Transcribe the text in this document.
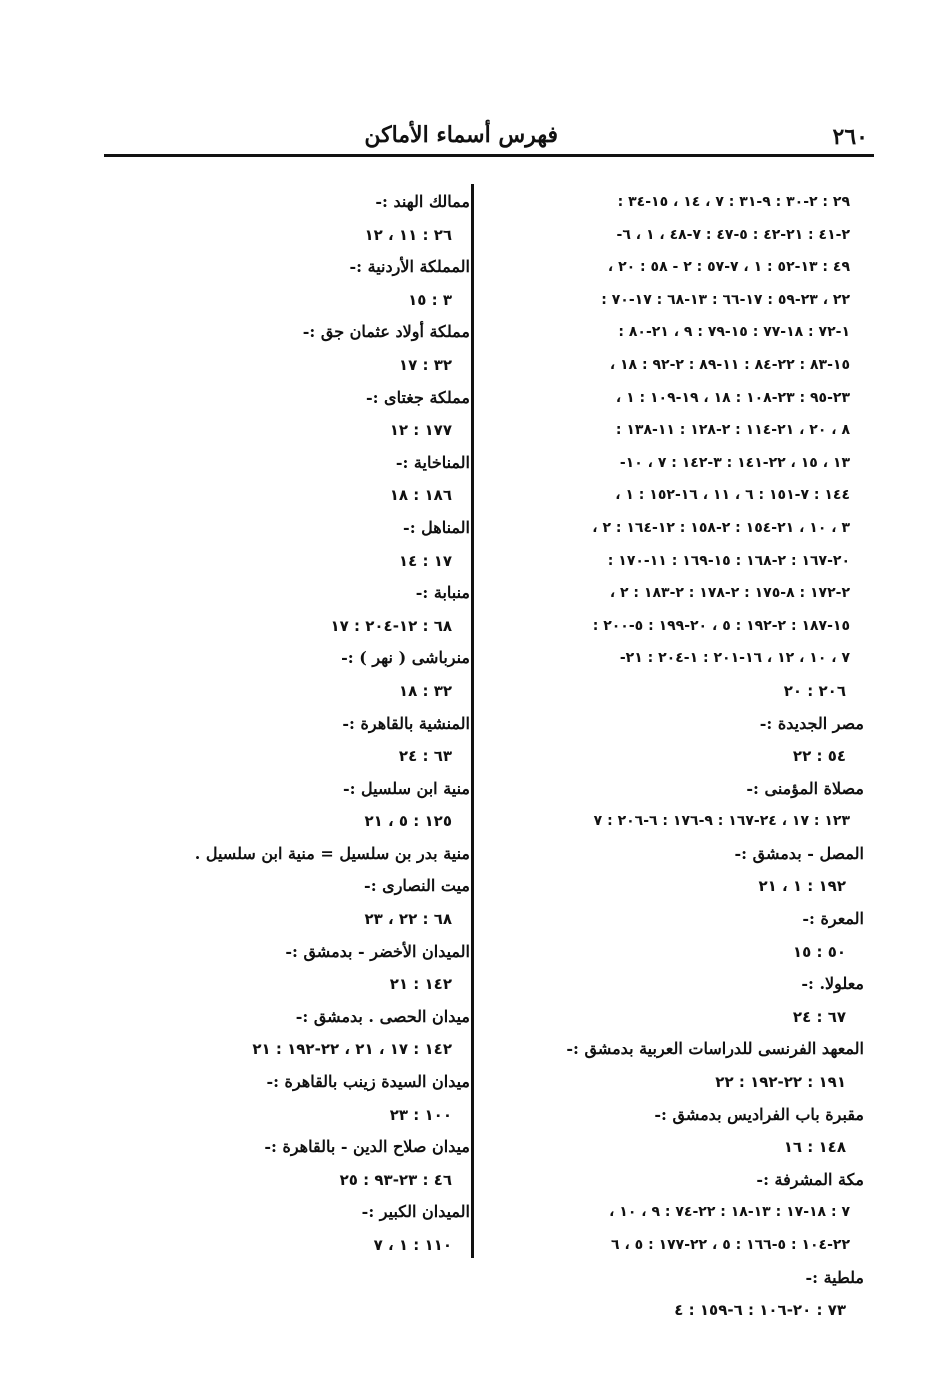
٢٦٠
فهرس أسماء الأماكن
٢٩ : ٢-٣٠ : ٩-٣١ : ٧ ، ١٤ ، ١٥-٣٤ :
٢-٤١ : ٢١-٤٢ : ٥-٤٧ : ٧-٤٨ ، ١ ، ٦-
٤٩ : ١٣-٥٢ : ١ ، ٧-٥٧ : ٢ - ٥٨ : ٢٠ ،
٢٢ ، ٢٣-٥٩ : ١٧-٦٦ : ١٣-٦٨ : ١٧-٧٠ :
١-٧٢ : ١٨-٧٧ : ١٥-٧٩ : ٩ ، ٢١-٨٠ :
١٥-٨٣ : ٢٢-٨٤ : ١١-٨٩ : ٢-٩٢ : ١٨ ،
٢٣-٩٥ : ٢٣-١٠٨ : ١٨ ، ١٩-١٠٩ : ١ ،
٨ ، ٢٠ ، ٢١-١١٤ : ٢-١٢٨ : ١١-١٣٨ :
١٣ ، ١٥ ، ٢٢-١٤١ : ٣-١٤٢ : ٧ ، ١٠-
١٤٤ : ٧-١٥١ : ٦ ، ١١ ، ١٦-١٥٢ : ١ ،
٣ ، ١٠ ، ٢١-١٥٤ : ٢-١٥٨ : ١٢-١٦٤ : ٢ ،
٢٠-١٦٧ : ٢-١٦٨ : ١٥-١٦٩ : ١١-١٧٠ :
٢-١٧٢ : ٨-١٧٥ : ٢-١٧٨ : ٢-١٨٣ : ٢ ،
١٥-١٨٧ : ٢-١٩٢ : ٥ ، ٢٠-١٩٩ : ٥-٢٠٠ :
٧ ، ١٠ ، ١٢ ، ١٦-٢٠١ : ١-٢٠٤ : ٢١-
٢٠٦ : ٢٠
مصر الجديدة :-
٥٤ : ٢٢
مصلاة المؤمنى :-
١٢٣ : ١٧ ، ٢٤-١٦٧ : ٩-١٧٦ : ٦-٢٠٦ : ٧
المصل - بدمشق :-
١٩٢ : ١ ، ٢١
المعرة :-
٥٠ : ١٥
معلولا. :-
٦٧ : ٢٤
المعهد الفرنسى للدراسات العربية بدمشق :-
١٩١ : ٢٢-١٩٢ : ٢٢
مقبرة باب الفراديس بدمشق :-
١٤٨ : ١٦
مكة المشرفة :-
٧ : ١٨-١٧ : ١٣-١٨ : ٢٢-٧٤ : ٩ ، ١٠ ،
٢٢-١٠٤ : ٥-١٦٦ : ٥ ، ٢٢-١٧٧ : ٥ ، ٦
ملطية :-
٧٣ : ٢٠-١٠٦ : ٦-١٥٩ : ٤
ممالك الهند :-
٢٦ : ١١ ، ١٢
المملكة الأردنية :-
٣ : ١٥
مملكة أولاد عثمان جق :-
٣٢ : ١٧
مملكة جغتاى :-
١٧٧ : ١٢
المناخاية :-
١٨٦ : ١٨
المناهل :-
١٧ : ١٤
منبابة :-
٦٨ : ١٢-٢٠٤ : ١٧
منرباشى ( نهر ) :-
٣٢ : ١٨
المنشية بالقاهرة :-
٦٣ : ٢٤
منية ابن سلسيل :-
١٢٥ : ٥ ، ٢١
منية بدر بن سلسيل = منية ابن سلسيل .
ميت النصارى :-
٦٨ : ٢٢ ، ٢٣
الميدان الأخضر - بدمشق :-
١٤٢ : ٢١
ميدان الحصى . بدمشق :-
١٤٢ : ١٧ ، ٢١ ، ٢٢-١٩٢ : ٢١
ميدان السيدة زينب بالقاهرة :-
١٠٠ : ٢٣
ميدان صلاح الدين - بالقاهرة :-
٤٦ : ٢٣-٩٣ : ٢٥
الميدان الكبير :-
١١٠ : ١ ، ٧
